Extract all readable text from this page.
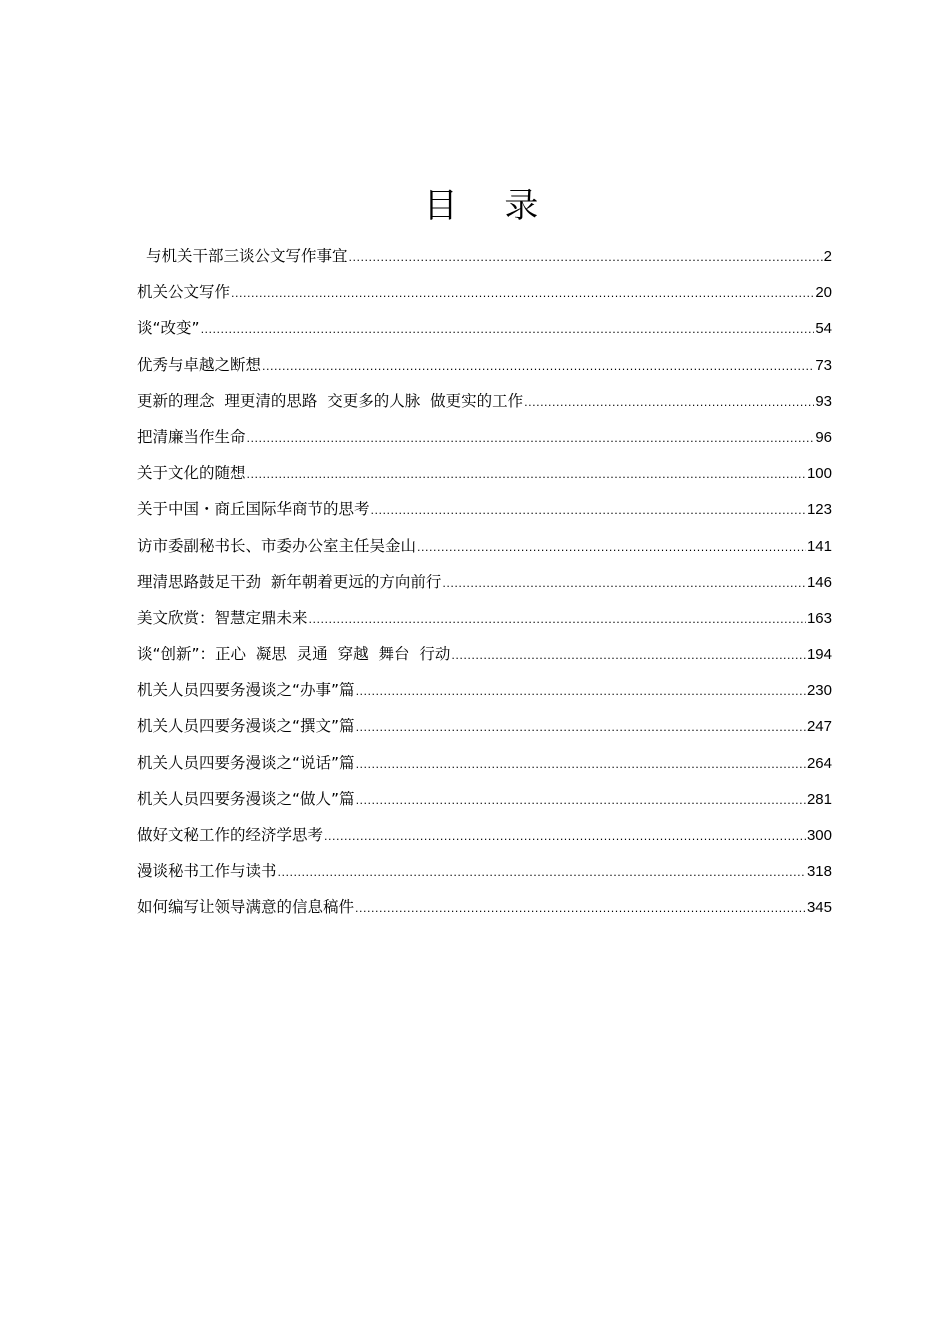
目 录
与机关干部三谈公文写作事宜 .....	2
机关公文写作 .....	20
谈“改变” .....	54
优秀与卓越之断想 .....	73
更新的理念  理更清的思路  交更多的人脉  做更实的工作 .....	93
把清廉当作生命 .....	96
关于文化的随想 .....	100
关于中国・商丘国际华商节的思考 .....	123
访市委副秘书长、市委办公室主任吴金山 .....	141
理清思路鼓足干劲  新年朝着更远的方向前行 .....	146
美文欣赏：智慧定鼎未来 .....	163
谈“创新”：正心  凝思  灵通  穿越  舞台  行动 .....	194
机关人员四要务漫谈之“办事”篇 .....	230
机关人员四要务漫谈之“撰文”篇 .....	247
机关人员四要务漫谈之“说话”篇 .....	264
机关人员四要务漫谈之“做人”篇 .....	281
做好文秘工作的经济学思考 .....	300
漫谈秘书工作与读书 .....	318
如何编写让领导满意的信息稿件 .....	345
